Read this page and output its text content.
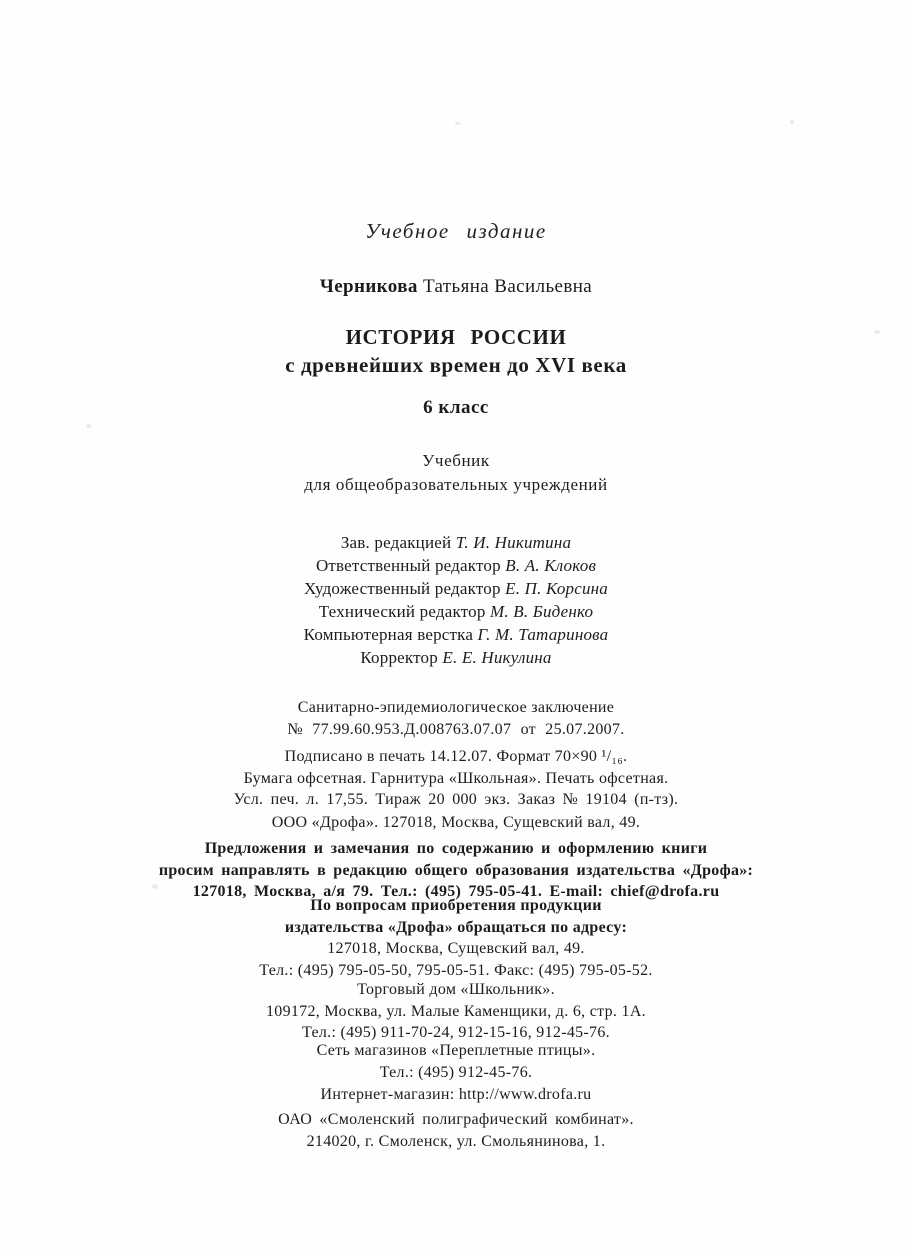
Учебное издание
Черникова Татьяна Васильевна
ИСТОРИЯ РОССИИ
с древнейших времен до XVI века
6 класс
Учебник
для общеобразовательных учреждений
Зав. редакцией Т. И. Никитина
Ответственный редактор В. А. Клоков
Художественный редактор Е. П. Корсина
Технический редактор М. В. Биденко
Компьютерная верстка Г. М. Татаринова
Корректор Е. Е. Никулина
Санитарно-эпидемиологическое заключение
№ 77.99.60.953.Д.008763.07.07 от 25.07.2007.
Подписано в печать 14.12.07. Формат 70×90 ¹/₁₆.
Бумага офсетная. Гарнитура «Школьная». Печать офсетная.
Усл. печ. л. 17,55. Тираж 20 000 экз. Заказ № 19104 (п-тз).
ООО «Дрофа». 127018, Москва, Сущевский вал, 49.
Предложения и замечания по содержанию и оформлению книги
просим направлять в редакцию общего образования издательства «Дрофа»:
127018, Москва, а/я 79. Тел.: (495) 795-05-41. E-mail: chief@drofa.ru
По вопросам приобретения продукции
издательства «Дрофа» обращаться по адресу:
127018, Москва, Сущевский вал, 49.
Тел.: (495) 795-05-50, 795-05-51. Факс: (495) 795-05-52.
Торговый дом «Школьник».
109172, Москва, ул. Малые Каменщики, д. 6, стр. 1А.
Тел.: (495) 911-70-24, 912-15-16, 912-45-76.
Сеть магазинов «Переплетные птицы».
Тел.: (495) 912-45-76.
Интернет-магазин: http://www.drofa.ru
ОАО «Смоленский полиграфический комбинат».
214020, г. Смоленск, ул. Смольянинова, 1.
